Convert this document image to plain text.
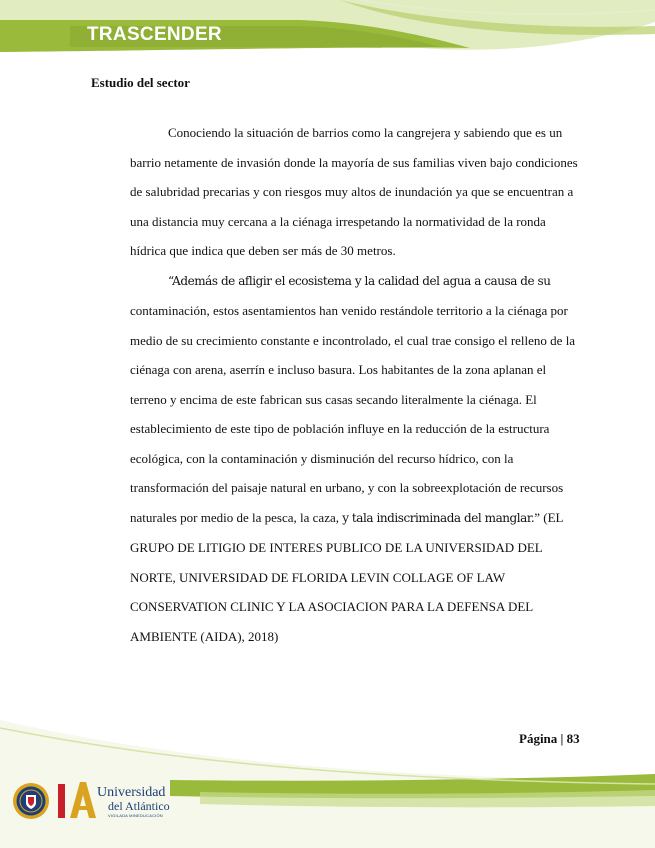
TRASCENDER
Estudio del sector

Conociendo la situación de barrios como la cangrejera y sabiendo que es un barrio netamente de invasión donde la mayoría de sus familias viven bajo condiciones de salubridad precarias y con riesgos muy altos de inundación ya que se encuentran a una distancia muy cercana a la ciénaga irrespetando la normatividad de la ronda hídrica que indica que deben ser más de 30 metros.

“Además de afligir el ecosistema y la calidad del agua a causa de su contaminación, estos asentamientos han venido restándole territorio a la ciénaga por medio de su crecimiento constante e incontrolado, el cual trae consigo el relleno de la ciénaga con arena, aserrín e incluso basura. Los habitantes de la zona aplanan el terreno y encima de este fabrican sus casas secando literalmente la ciénaga. El establecimiento de este tipo de población influye en la reducción de la estructura ecológica, con la contaminación y disminución del recurso hídrico, con la transformación del paisaje natural en urbano, y con la sobreexplotación de recursos naturales por medio de la pesca, la caza, y tala indiscriminada del manglar.” (EL GRUPO DE LITIGIO DE INTERES PUBLICO DE LA UNIVERSIDAD DEL NORTE, UNIVERSIDAD DE FLORIDA LEVIN COLLAGE OF LAW CONSERVATION CLINIC Y LA ASOCIACION PARA LA DEFENSA DEL AMBIENTE (AIDA), 2018)

Página | 83
Universidad
del Atlántico
VIGILADA MINEDUCACIÓN
